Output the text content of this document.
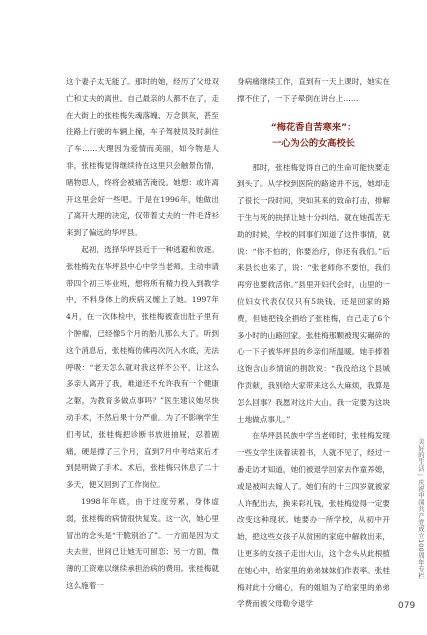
这个妻子太无能了。那时的她，经历了父母双亡和丈夫的离世。自己最亲的人都不在了，走在大街上的张桂梅失魂落魄、万念俱灰，甚至往路上行驶的车辆上撞，车子驾驶员及时刹住了车……大理因为爱情而美丽，如今物是人非，张桂梅觉得继续待在这里只会触景伤情，睹物思人，终将会被痛苦淹没。她想：或许离开这里会好一些吧。于是在1996年，她做出了离开大理的决定，仅带着丈夫的一件毛背衫来到了偏远的华坪县。

起初，选择华坪县近于一种逃避和放逐。张桂梅先在华坪县中心中学当老师，主动申请带四个初三毕业班，想将所有精力投入到教学中，不料身体上的疾病又缠上了她。1997年4月，在一次体检中，张桂梅被查出肚子里有个肿瘤，已经像5个月的胎儿那么大了。听到这个消息后，张桂梅仿佛再次沉入水底，无法呼吸：“老天怎么就对我这样不公平，让这么多亲人离开了我，难道还不允许我有一个健康之躯，为教育多做点事吗？”医生建议她尽快动手术，不然后果十分严重。为了不影响学生们考试，张桂梅把诊断书放进抽屉，忍着剧痛，硬是撑了三个月，直到7月中考结束后才到昆明做了手术。术后，张桂梅只休息了二十多天，便又回到了工作岗位。

1998年年底，由于过度劳累，身体虚弱，张桂梅的病情很快复发。这一次，她心里冒出的念头是“干脆别治了”。一方面是因为丈夫去世，世间已让她无可留恋；另一方面，微薄的工资难以继续承担治病的费用。张桂梅就这么施着一

身病痛继续工作，直到有一天上课时，她实在撑不住了，一下子晕倒在讲台上……

“梅花香自苦寒来”：
一心为公的女高校长

那时，张桂梅觉得自己的生命可能快要走到头了。从学校到医院的路途并不远，她却走了很长一段时间，突如其来的致命打击，排解于生与死的抉择让她十分纠结。就在她孤苦无助的时候，学校的同事们知道了这件事情，就说：“你不怕的，你要治疗，你还有我们。”后来县长也来了，说：“张老师你不要怕，我们再穷也要救活你。”县里开妇代会时，山里的一位妇女代表仅仅只有5块钱，还是回家的路费，但她把钱全捐给了张桂梅，自己走了6个多小时的山路回家。张桂梅那颗被现实碾碎的心一下子被华坪县的乡亲们所温暖。她手捧着这饱含山乡情谊的捐款说：“我没给这个县城作贡献，我别给大家带来这么大麻烦，我算是怎么回事？我愿对这片大山。我一定要为这块土地做点事儿。”

在华坪县民族中学当老师时，张桂梅发现一些女学生读着读着书，人就不见了，经过一番走访才知道，她们被退学回家去作童养媳，或是被叫去嫁人了。她们有的十三四岁就被家人许配出去，换来彩礼钱，张桂梅觉得一定要改变这种现状。她要办一所学校，从初中开始，把这些女孩子从贫困的家庭中解救出来，让更多的女孩子走出大山，这个念头从此根植在她心中，给家里的弟弟妹妹们作表率。张桂梅对此十分痛心，有的姐姐为了给家里的弟弟学费而被父母勒令退学

美好的生活 | 庆祝中国共产党成立100周年专栏
079
